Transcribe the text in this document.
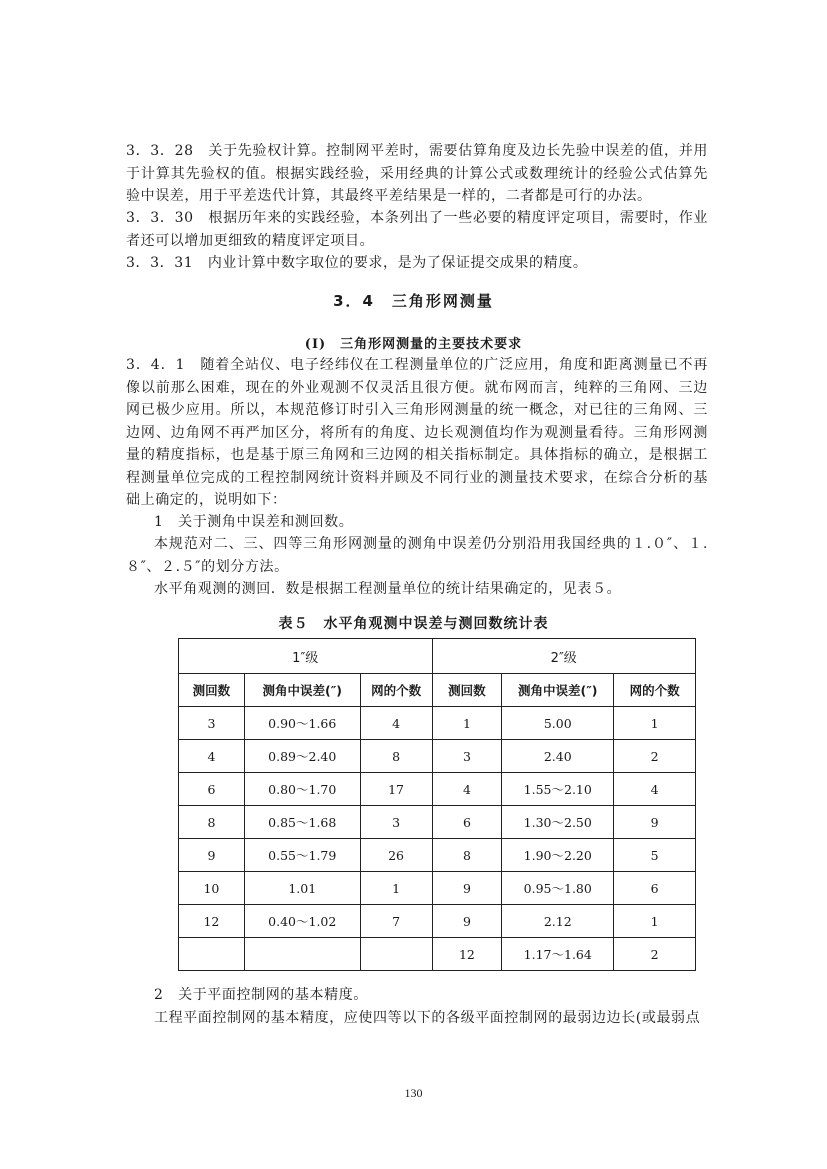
3．3．28　关于先验权计算。控制网平差时，需要估算角度及边长先验中误差的值，并用于计算其先验权的值。根据实践经验，采用经典的计算公式或数理统计的经验公式估算先验中误差，用于平差迭代计算，其最终平差结果是一样的，二者都是可行的办法。

3．3．30　根据历年来的实践经验，本条列出了一些必要的精度评定项目，需要时，作业者还可以增加更细致的精度评定项目。

3．3．31　内业计算中数字取位的要求，是为了保证提交成果的精度。

3．4　三角形网测量
(Ⅰ)　三角形网测量的主要技术要求

3．4．1　随着全站仪、电子经纬仪在工程测量单位的广泛应用，角度和距离测量已不再像以前那么困难，现在的外业观测不仅灵活且很方便。就布网而言，纯粹的三角网、三边网已极少应用。所以，本规范修订时引入三角形网测量的统一概念，对已往的三角网、三边网、边角网不再严加区分，将所有的角度、边长观测值均作为观测量看待。三角形网测量的精度指标，也是基于原三角网和三边网的相关指标制定。具体指标的确立，是根据工程测量单位完成的工程控制网统计资料并顾及不同行业的测量技术要求，在综合分析的基础上确定的，说明如下：

1　关于测角中误差和测回数。

本规范对二、三、四等三角形网测量的测角中误差仍分别沿用我国经典的１.０″、１.８″、２.５″的划分方法。

水平角观测的测回．数是根据工程测量单位的统计结果确定的，见表５。

表５　水平角观测中误差与测回数统计表
1″级			2″级		
测回数	测角中误差(″)	网的个数	测回数	测角中误差(″)	网的个数
3	0.90～1.66	4	1	5.00	1
4	0.89～2.40	8	3	2.40	2
6	0.80～1.70	17	4	1.55～2.10	4
8	0.85～1.68	3	6	1.30～2.50	9
9	0.55～1.79	26	8	1.90～2.20	5
10	1.01	1	9	0.95～1.80	6
12	0.40～1.02	7	9	2.12	1
			12	1.17～1.64	2

2　关于平面控制网的基本精度。

工程平面控制网的基本精度，应使四等以下的各级平面控制网的最弱边边长(或最弱点

130
